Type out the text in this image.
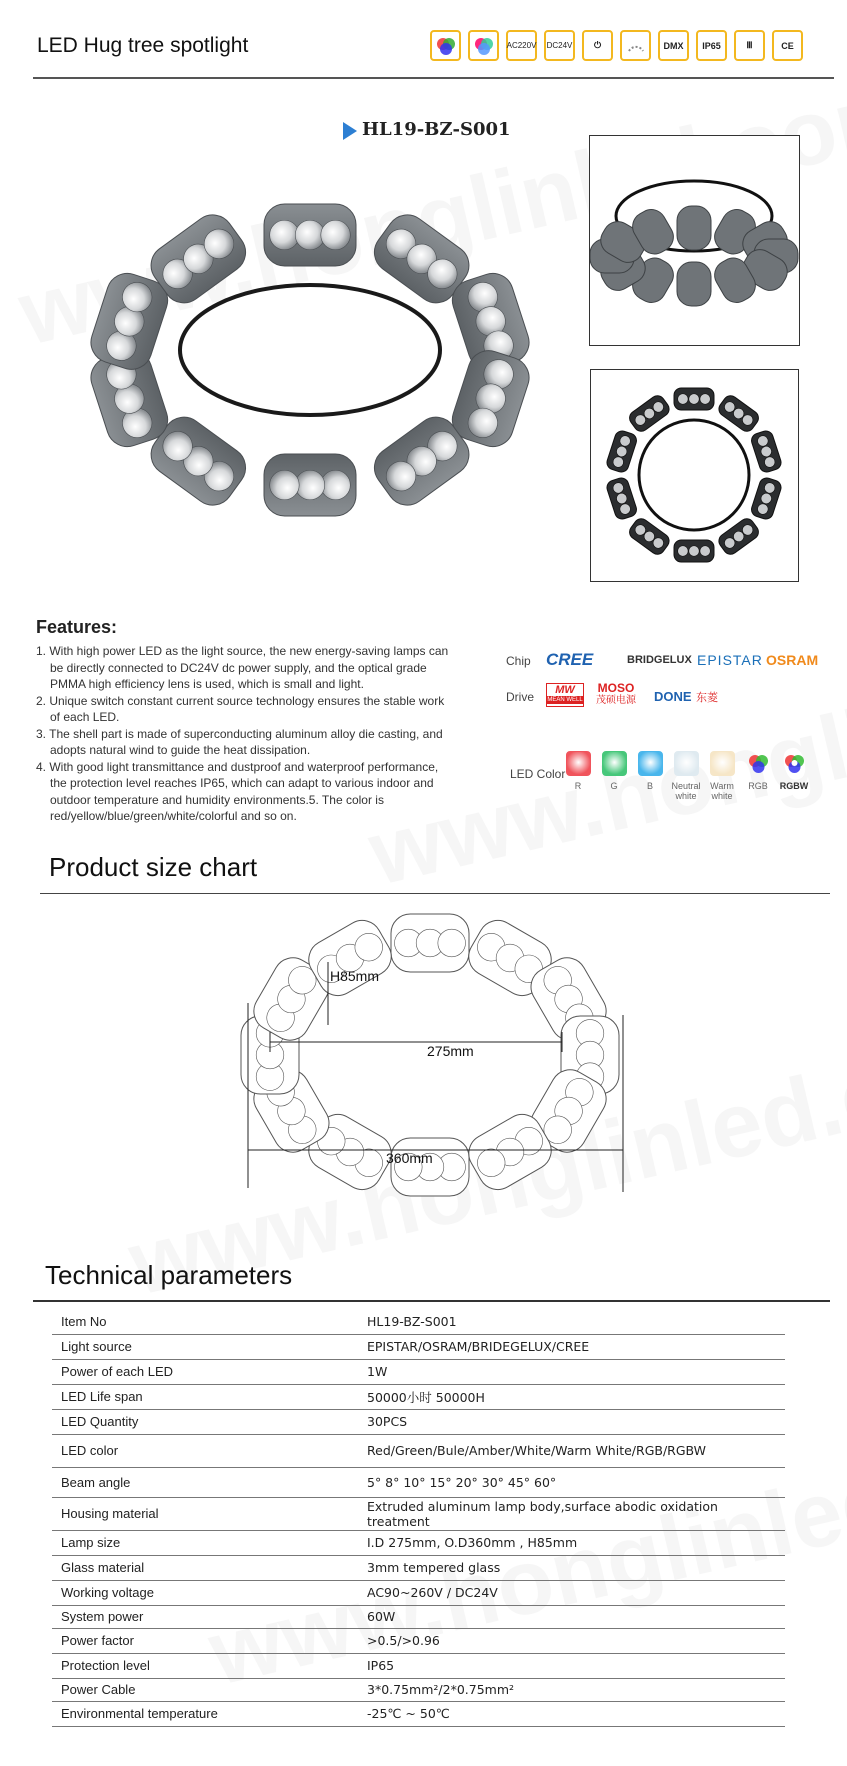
LED Hug tree spotlight	AC220V	DC24V	⏻	DMX	IP65	Ⅲ	CE
HL19-BZ-S001
Features:
1. With high power LED as the light source, the new energy-saving lamps can be directly connected to DC24V dc power supply, and the optical grade PMMA high efficiency lens is used, which is small and light.
2. Unique switch constant current source technology ensures the stable work of each LED.
3. The shell part is made of superconducting aluminum alloy die casting, and adopts natural wind to guide the heat dissipation.
4. With good light transmittance and dustproof and waterproof performance, the protection level reaches IP65, which can adapt to various indoor and outdoor temperature and humidity environments.5. The color is red/yellow/blue/green/white/colorful and so on.
Chip CREE	BRIDGELUX EPISTAR OSRAM
Drive	MW
MEAN WELL
MOSO
茂硕电源 DONE 东菱
LED Color
R	G	B	Neutral white
Warm white
RGB	RGBW
Product size chart
H85mm
275mm
360mm
Technical parameters
Item No	HL19-BZ-S001
Light source	EPISTAR/OSRAM/BRIDEGELUX/CREE
Power of each LED	1W
LED Life span	50000小时 50000H
LED Quantity	30PCS
LED color	Red/Green/Bule/Amber/White/Warm White/RGB/RGBW
Beam angle	5° 8° 10° 15° 20° 30° 45° 60°
Housing material	Extruded aluminum lamp body,surface abodic oxidation treatment
Lamp size	I.D 275mm, O.D360mm , H85mm
Glass material	3mm tempered glass
Working voltage	AC90~260V / DC24V
System power	60W
Power factor	>0.5/>0.96
Protection level	IP65
Power Cable	3*0.75mm²/2*0.75mm²
Environmental temperature	-25℃ ~ 50℃
